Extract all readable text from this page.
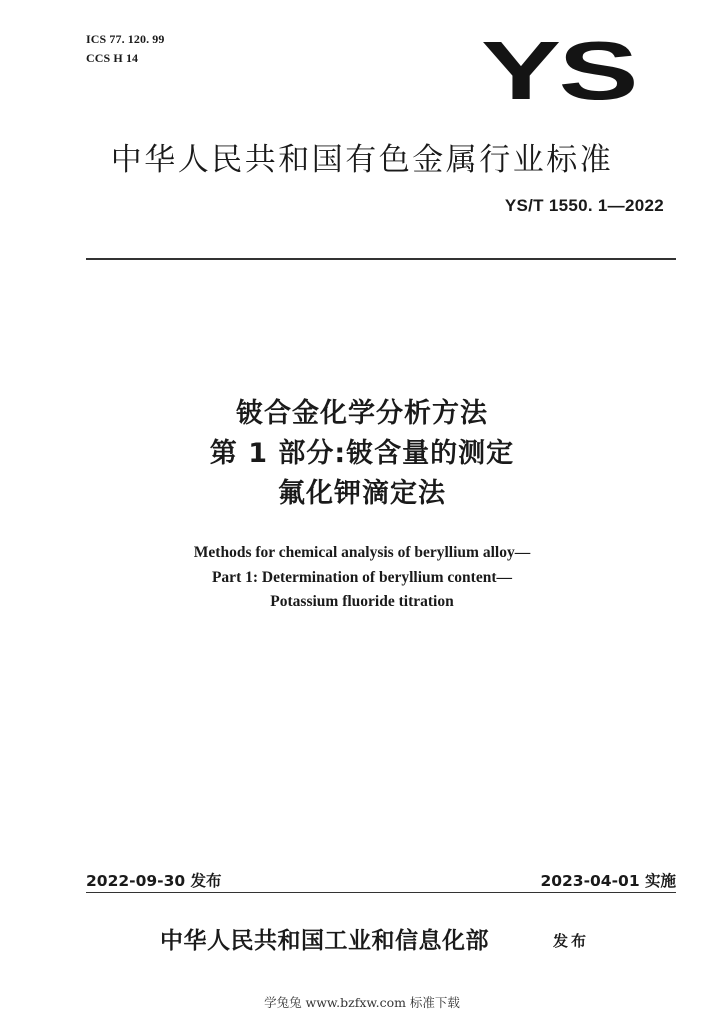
ICS 77. 120. 99
CCS H 14	YS
中华人民共和国有色金属行业标准
YS/T 1550. 1—2022
铍合金化学分析方法
第 1 部分:铍含量的测定
氟化钾滴定法
Methods for chemical analysis of beryllium alloy—
Part 1: Determination of beryllium content—
Potassium fluoride titration
2022-09-30 发布	2023-04-01 实施
中华人民共和国工业和信息化部	发布
学兔兔 www.bzfxw.com 标准下载
